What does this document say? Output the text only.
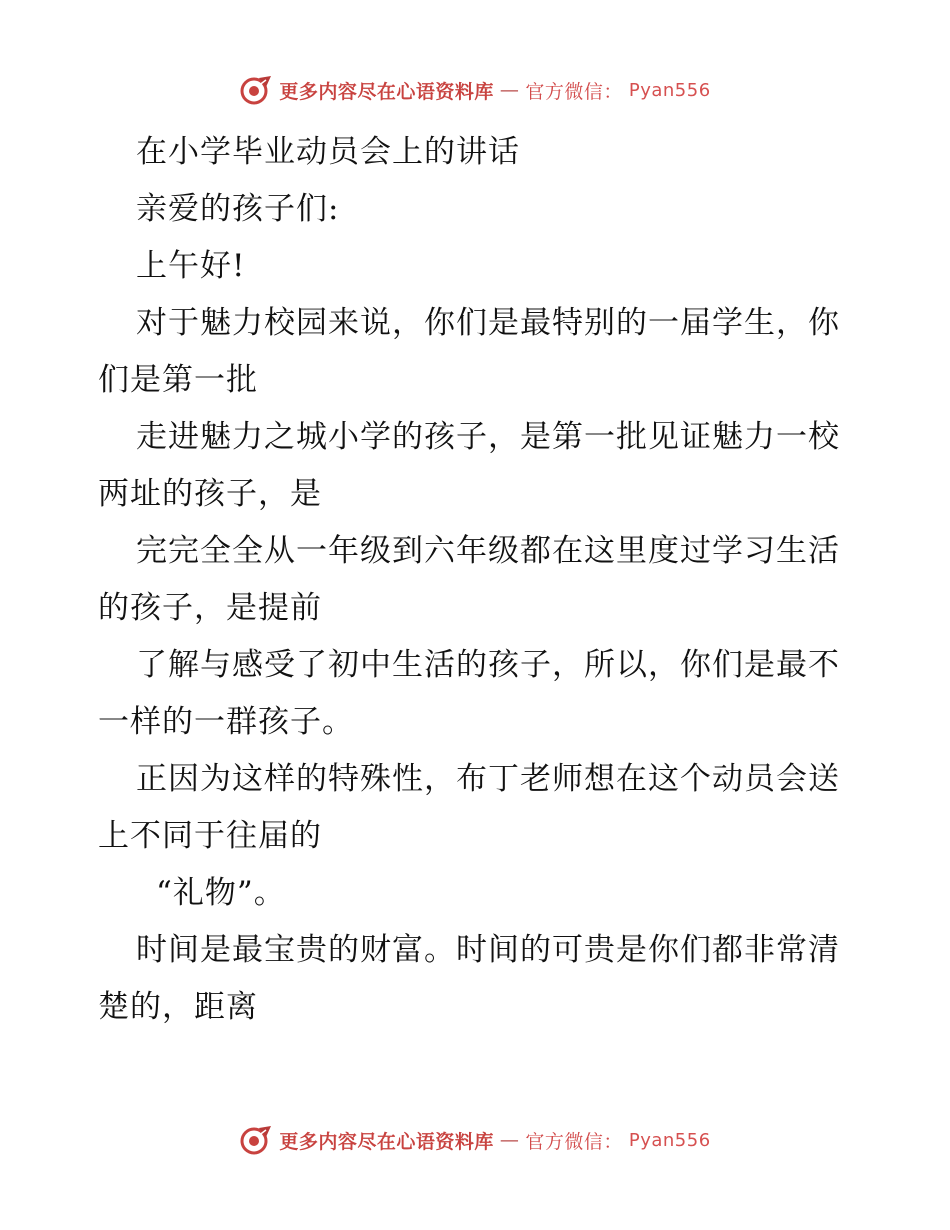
更多内容尽在心语资料库 — 官方微信： Pyan556

在小学毕业动员会上的讲话

亲爱的孩子们:

上午好!

对于魅力校园来说，你们是最特别的一届学生，你们是第一批

走进魅力之城小学的孩子，是第一批见证魅力一校两址的孩子，是

完完全全从一年级到六年级都在这里度过学习生活的孩子，是提前

了解与感受了初中生活的孩子，所以，你们是最不一样的一群孩子。

正因为这样的特殊性，布丁老师想在这个动员会送上不同于往届的

“礼物”。

时间是最宝贵的财富。时间的可贵是你们都非常清楚的，距离

更多内容尽在心语资料库 — 官方微信： Pyan556
